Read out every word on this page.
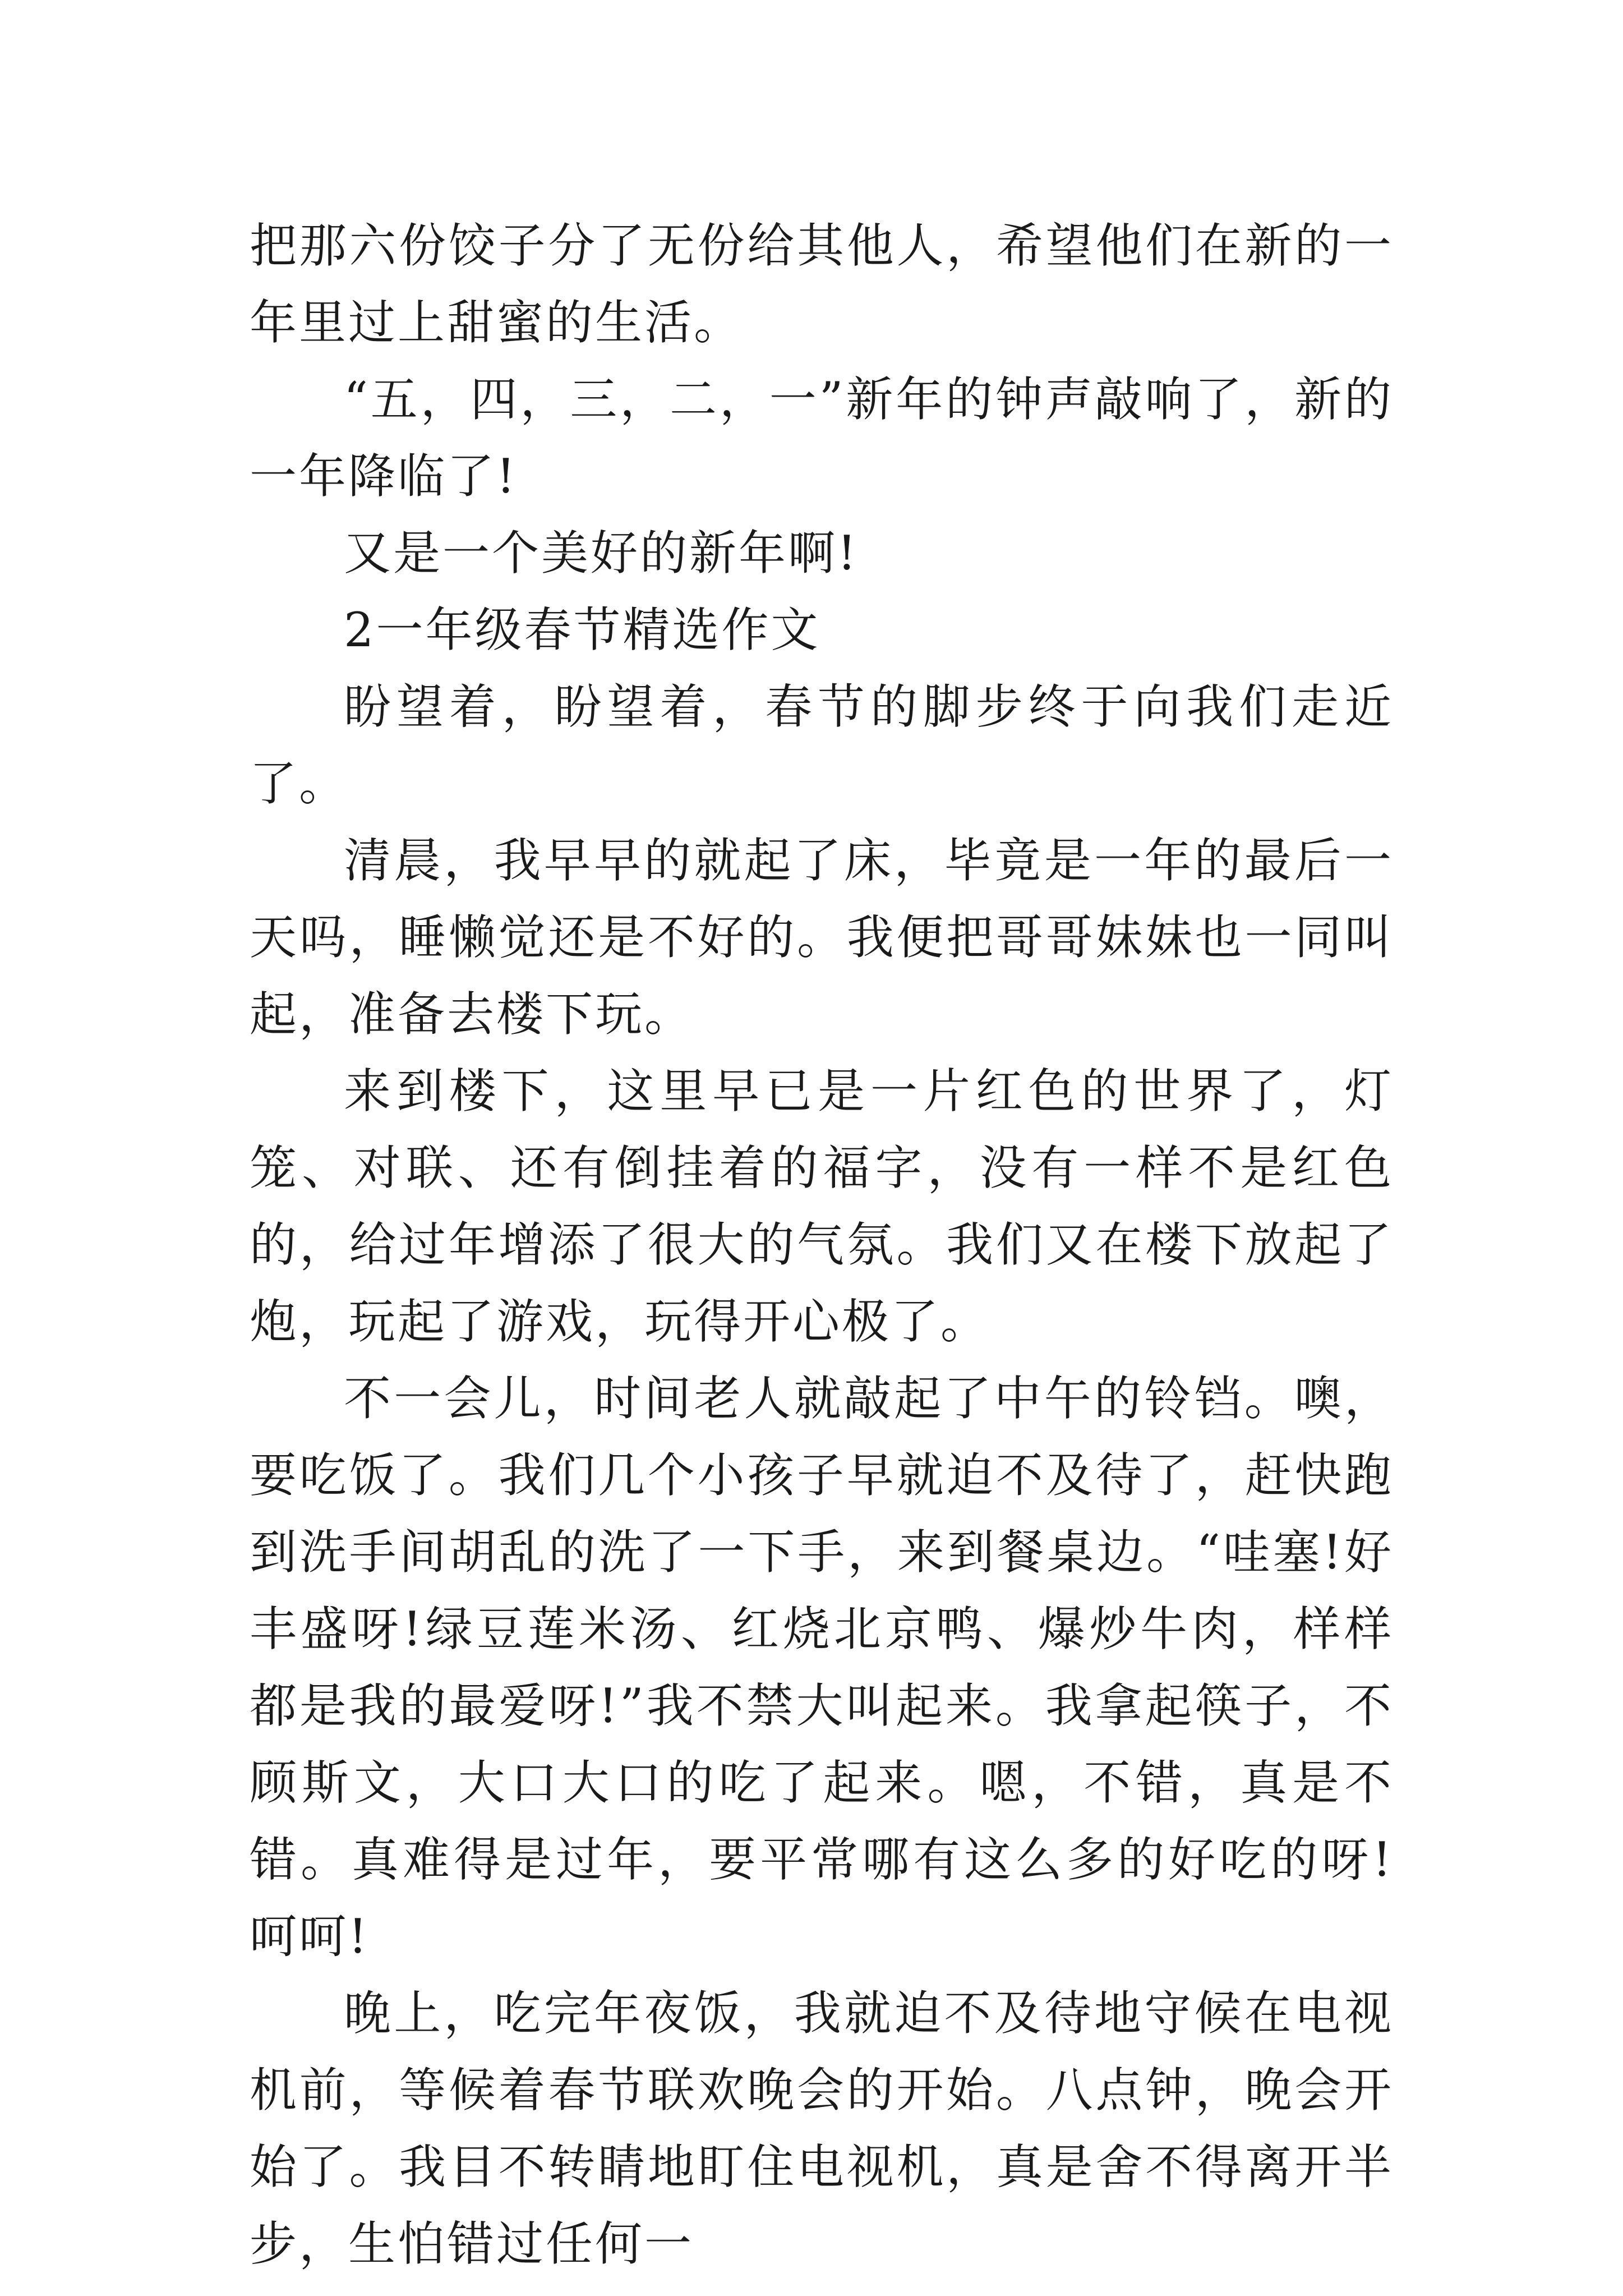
把那六份饺子分了无份给其他人，希望他们在新的一年里过上甜蜜的生活。

“五，四，三，二，一”新年的钟声敲响了，新的一年降临了!

又是一个美好的新年啊!

2一年级春节精选作文

盼望着，盼望着，春节的脚步终于向我们走近了。

清晨，我早早的就起了床，毕竟是一年的最后一天吗，睡懒觉还是不好的。我便把哥哥妹妹也一同叫起，准备去楼下玩。

来到楼下，这里早已是一片红色的世界了，灯笼、对联、还有倒挂着的福字，没有一样不是红色的，给过年增添了很大的气氛。我们又在楼下放起了炮，玩起了游戏，玩得开心极了。

不一会儿，时间老人就敲起了中午的铃铛。噢，要吃饭了。我们几个小孩子早就迫不及待了，赶快跑到洗手间胡乱的洗了一下手，来到餐桌边。“哇塞!好丰盛呀!绿豆莲米汤、红烧北京鸭、爆炒牛肉，样样都是我的最爱呀!”我不禁大叫起来。我拿起筷子，不顾斯文，大口大口的吃了起来。嗯，不错，真是不错。真难得是过年，要平常哪有这么多的好吃的呀!呵呵!

晚上，吃完年夜饭，我就迫不及待地守候在电视机前，等候着春节联欢晚会的开始。八点钟，晚会开始了。我目不转睛地盯住电视机，真是舍不得离开半步，生怕错过任何一
